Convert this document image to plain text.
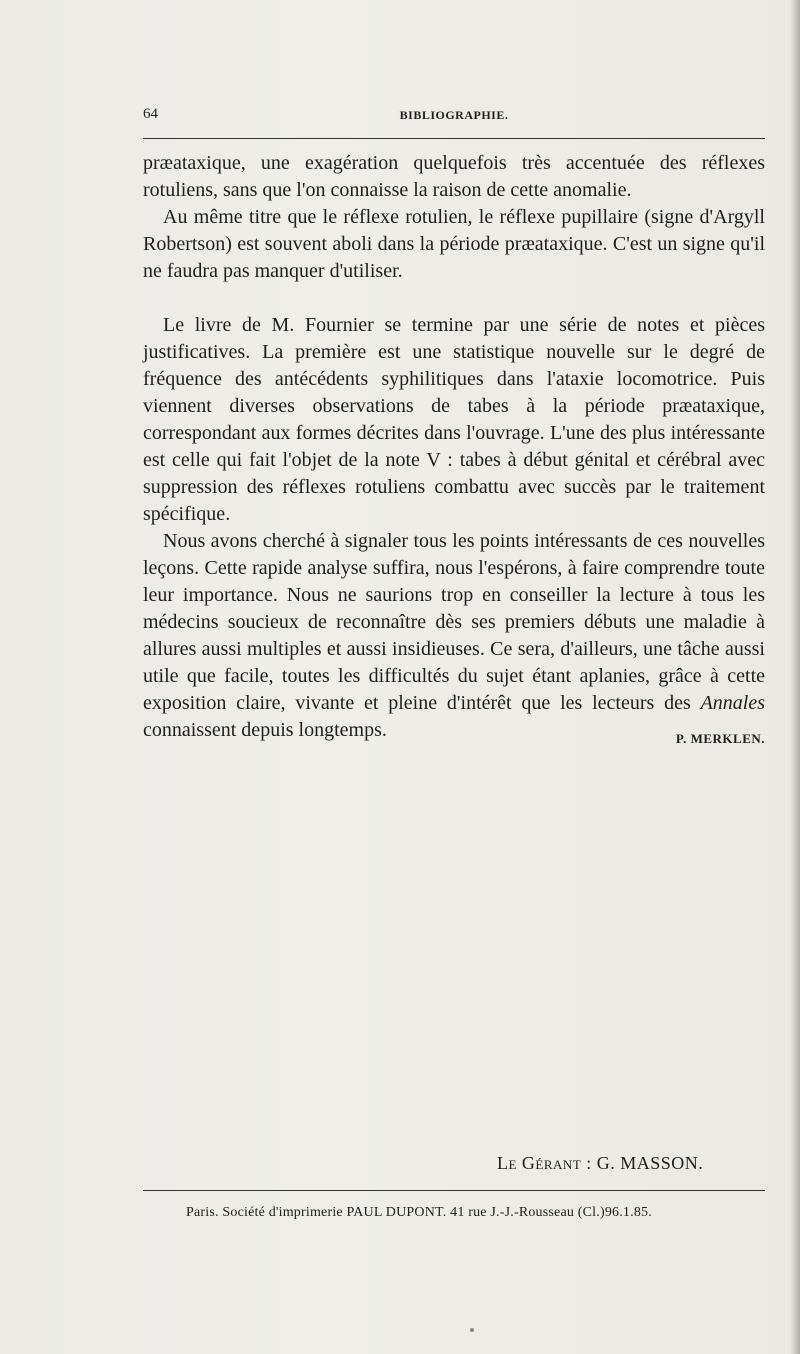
64	BIBLIOGRAPHIE.

præataxique, une exagération quelquefois très accentuée des réflexes rotuliens, sans que l'on connaisse la raison de cette anomalie.

Au même titre que le réflexe rotulien, le réflexe pupillaire (signe d'Argyll Robertson) est souvent aboli dans la période præataxique. C'est un signe qu'il ne faudra pas manquer d'utiliser.

Le livre de M. Fournier se termine par une série de notes et pièces justificatives. La première est une statistique nouvelle sur le degré de fréquence des antécédents syphilitiques dans l'ataxie locomotrice. Puis viennent diverses observations de tabes à la période præataxique, correspondant aux formes décrites dans l'ouvrage. L'une des plus intéressante est celle qui fait l'objet de la note V : tabes à début génital et cérébral avec suppression des réflexes rotuliens combattu avec succès par le traitement spécifique.

Nous avons cherché à signaler tous les points intéressants de ces nouvelles leçons. Cette rapide analyse suffira, nous l'espérons, à faire comprendre toute leur importance. Nous ne saurions trop en conseiller la lecture à tous les médecins soucieux de reconnaître dès ses premiers débuts une maladie à allures aussi multiples et aussi insidieuses. Ce sera, d'ailleurs, une tâche aussi utile que facile, toutes les difficultés du sujet étant aplanies, grâce à cette exposition claire, vivante et pleine d'intérêt que les lecteurs des Annales connaissent depuis longtemps.	P. MERKLEN.

Le Gérant : G. MASSON.
Paris. Société d'imprimerie PAUL DUPONT. 41 rue J.-J.-Rousseau (Cl.)96.1.85.
